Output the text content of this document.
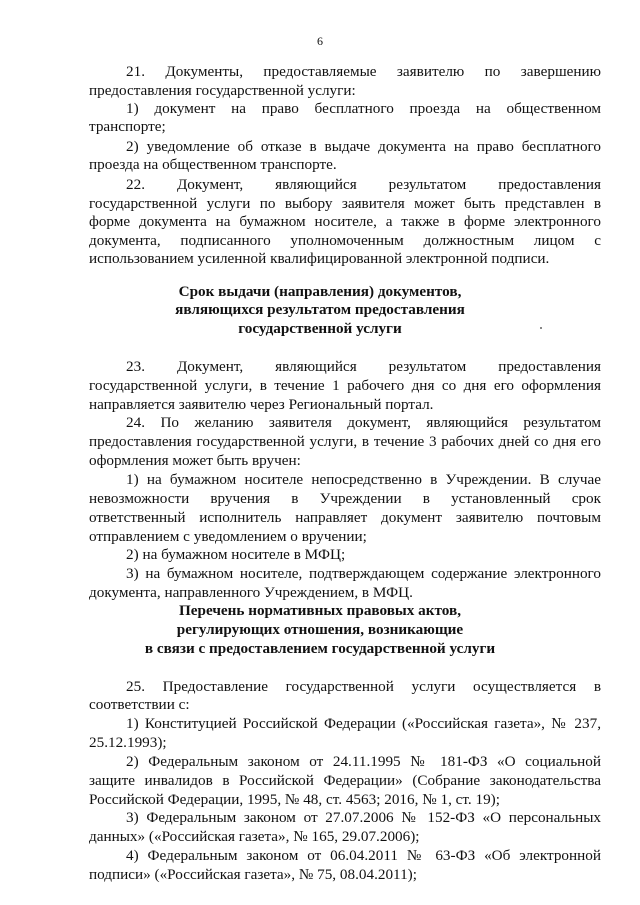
6
21. Документы, предоставляемые заявителю по завершению
предоставления государственной услуги:
1) документ на право бесплатного проезда на общественном
транспорте;
2) уведомление об отказе в выдаче документа на право бесплатного
проезда на общественном транспорте.
22. Документ, являющийся результатом предоставления
государственной услуги по выбору заявителя может быть представлен в
форме документа на бумажном носителе, а также в форме электронного
документа, подписанного уполномоченным должностным лицом с
использованием усиленной квалифицированной электронной подписи.
Срок выдачи (направления) документов,
являющихся результатом предоставления
государственной услуги
23. Документ, являющийся результатом предоставления
государственной услуги, в течение 1 рабочего дня со дня его оформления
направляется заявителю через Региональный портал.
24. По желанию заявителя документ, являющийся результатом
предоставления государственной услуги, в течение 3 рабочих дней со дня его
оформления может быть вручен:
1) на бумажном носителе непосредственно в Учреждении. В случае
невозможности вручения в Учреждении в установленный срок
ответственный исполнитель направляет документ заявителю почтовым
отправлением с уведомлением о вручении;
2) на бумажном носителе в МФЦ;
3) на бумажном носителе, подтверждающем содержание электронного
документа, направленного Учреждением, в МФЦ.
Перечень нормативных правовых актов,
регулирующих отношения, возникающие
в связи с предоставлением государственной услуги
25. Предоставление государственной услуги осуществляется в
соответствии с:
1) Конституцией Российской Федерации («Российская газета», № 237,
25.12.1993);
2) Федеральным законом от 24.11.1995 № 181-ФЗ «О социальной
защите инвалидов в Российской Федерации» (Собрание законодательства
Российской Федерации, 1995, № 48, ст. 4563; 2016, № 1, ст. 19);
3) Федеральным законом от 27.07.2006 № 152-ФЗ «О персональных
данных» («Российская газета», № 165, 29.07.2006);
4) Федеральным законом от 06.04.2011 № 63-ФЗ «Об электронной
подписи» («Российская газета», № 75, 08.04.2011);
